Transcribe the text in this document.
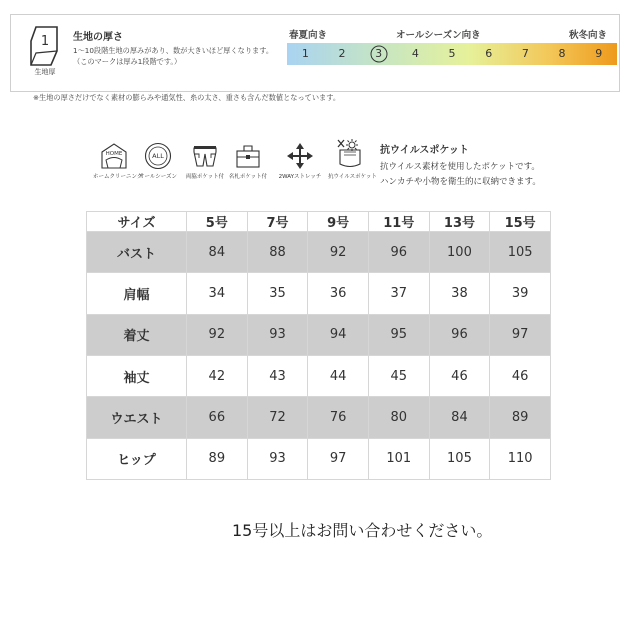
1
生地厚
生地の厚さ
1〜10段階生地の厚みがあり、数が大きいほど厚くなります。
（このマークは厚み1段階です。）
春夏向き	オールシーズン向き	秋冬向き
1	2	3	4	5	6	7	8	9
※生地の厚さだけでなく素材の膨らみや通気性、糸の太さ、重さも含んだ数値となっています。
HOME
ホームクリーニング
ALL
オールシーズン	両脇ポケット付 名札ポケット付	2WAYストレッチ 抗ウイルスポケット
抗ウイルスポケット
抗ウイルス素材を使用したポケットです。
ハンカチや小物を衛生的に収納できます。
サイズ	5号	7号	9号	11号	13号	15号
バスト	84	88	92	96	100	105
肩幅	34	35	36	37	38	39
着丈	92	93	94	95	96	97
袖丈	42	43	44	45	46	46
ウエスト	66	72	76	80	84	89
ヒップ	89	93	97	101	105	110
15号以上はお問い合わせください。
